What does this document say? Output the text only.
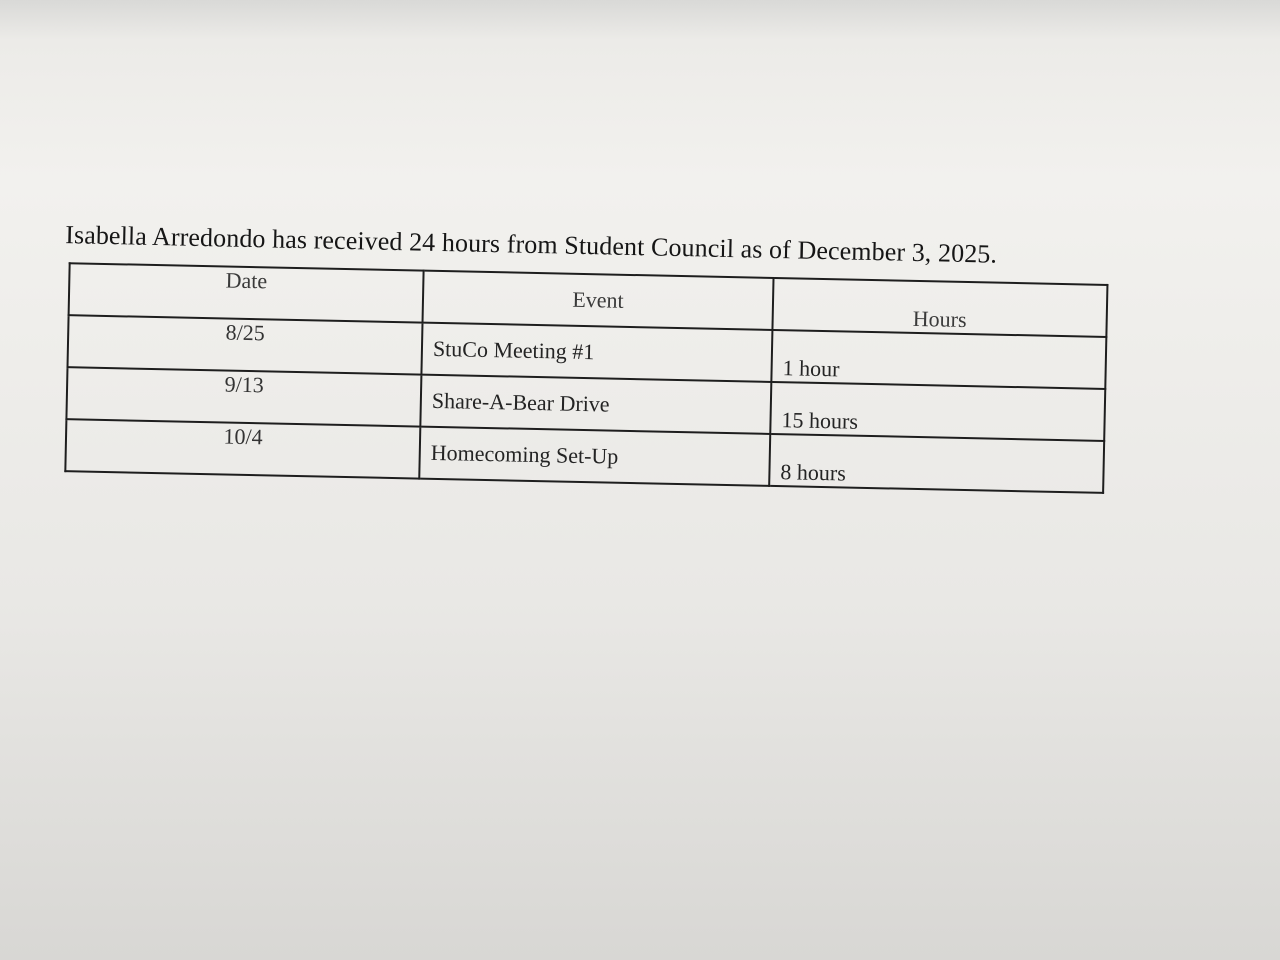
Isabella Arredondo has received 24 hours from Student Council as of December 3, 2025.

Date	Event	Hours
8/25	StuCo Meeting #1	1 hour
9/13	Share-A-Bear Drive	15 hours
10/4	Homecoming Set-Up	8 hours
